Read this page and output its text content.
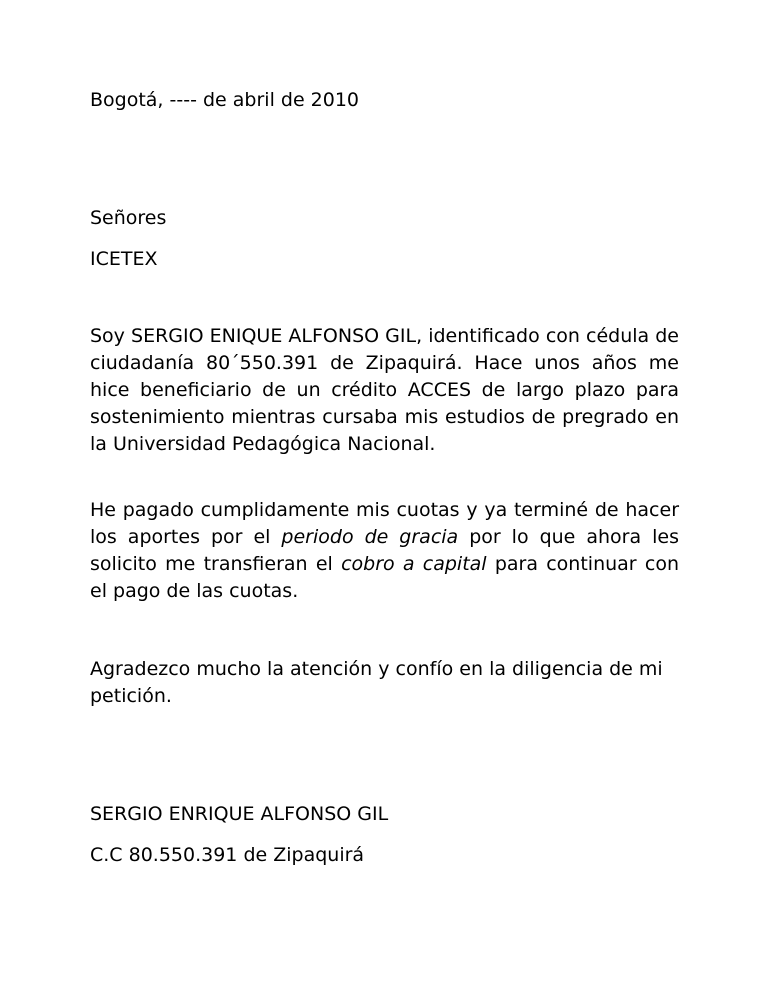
Bogotá, ---- de abril de 2010
Señores
ICETEX

Soy SERGIO ENIQUE ALFONSO GIL, identificado con cédula de ciudadanía 80´550.391 de Zipaquirá. Hace unos años me hice beneficiario de un crédito ACCES de largo plazo para sostenimiento mientras cursaba mis estudios de pregrado en la Universidad Pedagógica Nacional.

He pagado cumplidamente mis cuotas y ya terminé de hacer los aportes por el periodo de gracia por lo que ahora les solicito me transfieran el cobro a capital para continuar con el pago de las cuotas.

Agradezco mucho la atención y confío en la diligencia de mi petición.

SERGIO ENRIQUE ALFONSO GIL
C.C 80.550.391 de Zipaquirá
